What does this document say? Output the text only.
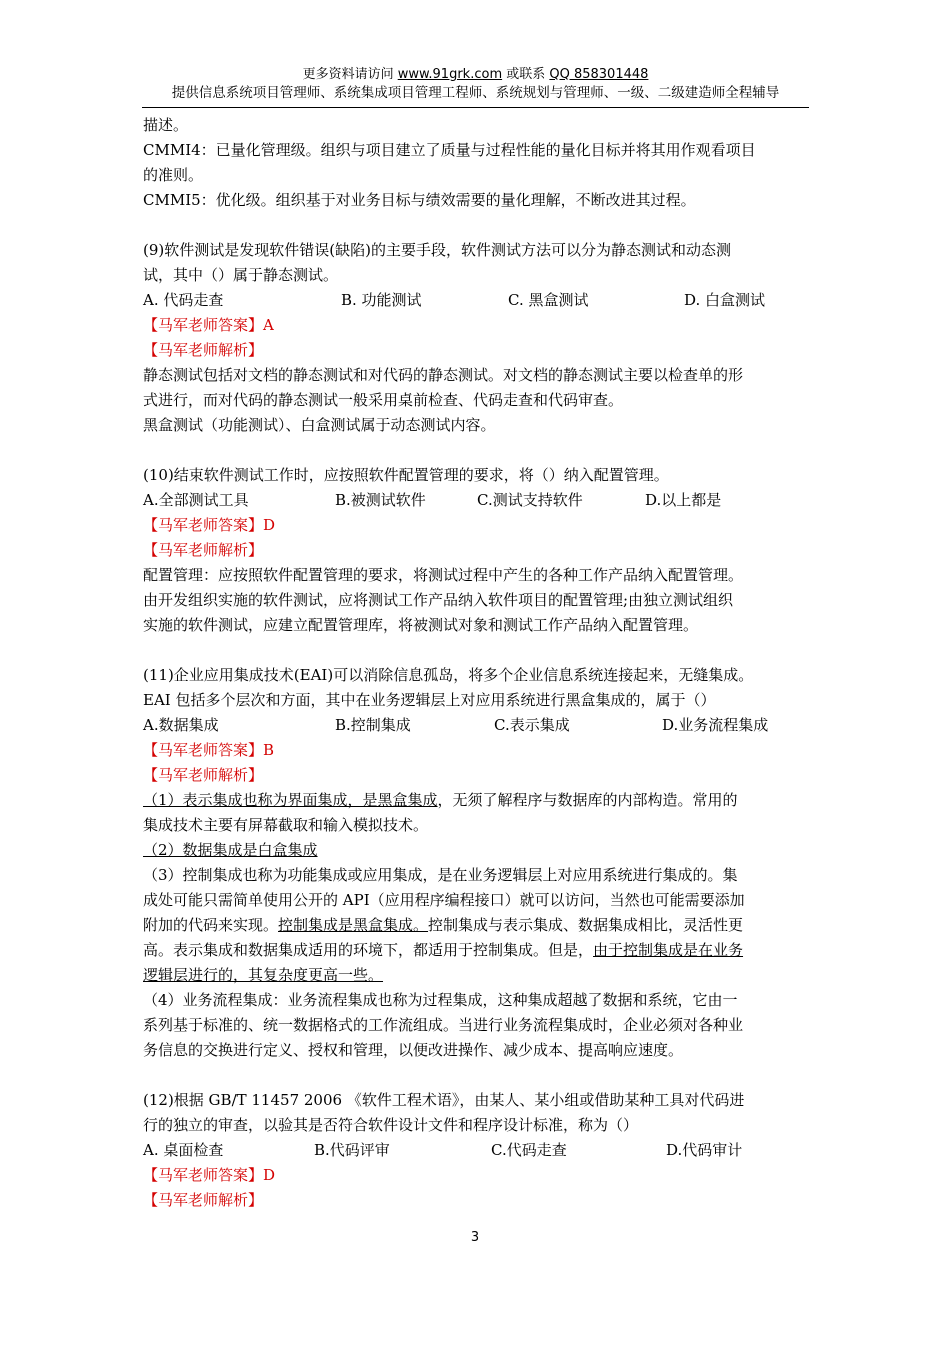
更多资料请访问 www.91grk.com 或联系 QQ 858301448
提供信息系统项目管理师、系统集成项目管理工程师、系统规划与管理师、一级、二级建造师全程辅导

描述。

CMMI4：已量化管理级。组织与项目建立了质量与过程性能的量化目标并将其用作观看项目

的准则。

CMMI5：优化级。组织基于对业务目标与绩效需要的量化理解，不断改进其过程。

(9)软件测试是发现软件错误(缺陷)的主要手段，软件测试方法可以分为静态测试和动态测

试，其中（）属于静态测试。

A. 代码走查	B. 功能测试	C. 黑盒测试	D. 白盒测试

【马军老师答案】A

【马军老师解析】

静态测试包括对文档的静态测试和对代码的静态测试。对文档的静态测试主要以检查单的形

式进行，而对代码的静态测试一般采用桌前检查、代码走查和代码审查。

黑盒测试（功能测试）、白盒测试属于动态测试内容。

(10)结束软件测试工作时，应按照软件配置管理的要求，将（）纳入配置管理。

A.全部测试工具	B.被测试软件	C.测试支持软件	D.以上都是

【马军老师答案】D

【马军老师解析】

配置管理：应按照软件配置管理的要求，将测试过程中产生的各种工作产品纳入配置管理。

由开发组织实施的软件测试，应将测试工作产品纳入软件项目的配置管理;由独立测试组织

实施的软件测试，应建立配置管理库，将被测试对象和测试工作产品纳入配置管理。

(11)企业应用集成技术(EAI)可以消除信息孤岛，将多个企业信息系统连接起来，无缝集成。

EAI 包括多个层次和方面，其中在业务逻辑层上对应用系统进行黑盒集成的，属于（）

A.数据集成	B.控制集成	C.表示集成	D.业务流程集成

【马军老师答案】B

【马军老师解析】

（1）表示集成也称为界面集成，是黑盒集成，无须了解程序与数据库的内部构造。常用的

集成技术主要有屏幕截取和输入模拟技术。

（2）数据集成是白盒集成

（3）控制集成也称为功能集成或应用集成，是在业务逻辑层上对应用系统进行集成的。集

成处可能只需简单使用公开的 API（应用程序编程接口）就可以访问，当然也可能需要添加

附加的代码来实现。控制集成是黑盒集成。控制集成与表示集成、数据集成相比，灵活性更

高。表示集成和数据集成适用的环境下，都适用于控制集成。但是，由于控制集成是在业务

逻辑层进行的，其复杂度更高一些。

（4）业务流程集成：业务流程集成也称为过程集成，这种集成超越了数据和系统，它由一

系列基于标准的、统一数据格式的工作流组成。当进行业务流程集成时，企业必须对各种业

务信息的交换进行定义、授权和管理，以便改进操作、减少成本、提高响应速度。

(12)根据 GB/T 11457 2006 《软件工程术语》，由某人、某小组或借助某种工具对代码进

行的独立的审查，以验其是否符合软件设计文件和程序设计标准，称为（）

A. 桌面检查	B.代码评审	C.代码走查	D.代码审计

【马军老师答案】D

【马军老师解析】

3
